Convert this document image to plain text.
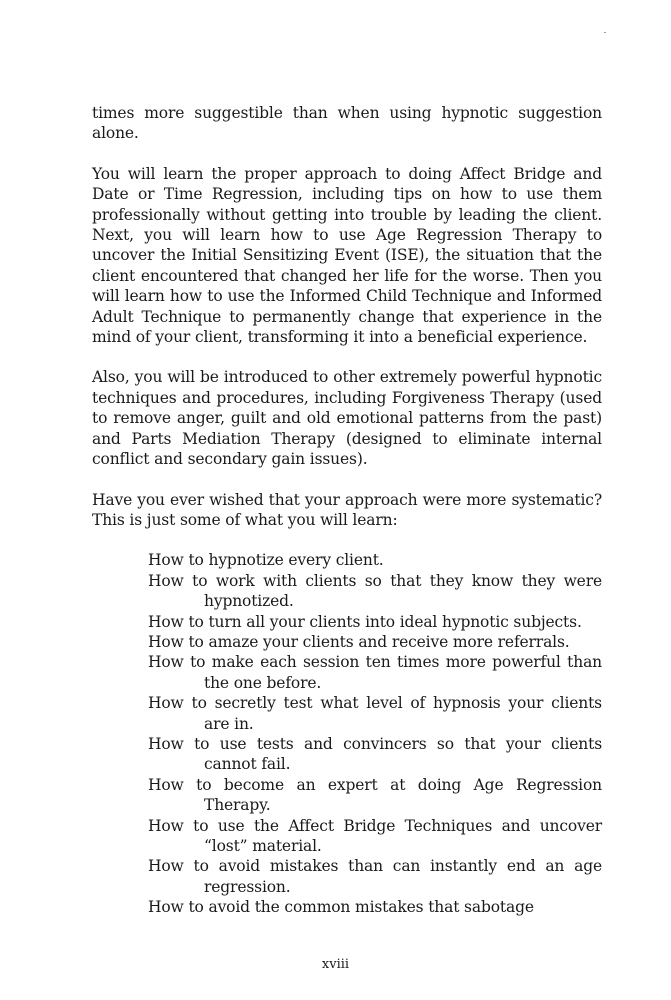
times more suggestible than when using hypnotic suggestion alone.

You will learn the proper approach to doing Affect Bridge and Date or Time Regression, including tips on how to use them professionally without getting into trouble by leading the client. Next, you will learn how to use Age Regression Therapy to uncover the Initial Sensitizing Event (ISE), the situation that the client encountered that changed her life for the worse. Then you will learn how to use the Informed Child Technique and Informed Adult Technique to permanently change that experience in the mind of your client, transforming it into a beneficial experience.

Also, you will be introduced to other extremely powerful hypnotic techniques and procedures, including Forgiveness Therapy (used to remove anger, guilt and old emotional patterns from the past) and Parts Mediation Therapy (designed to eliminate internal conflict and secondary gain issues).

Have you ever wished that your approach were more systematic? This is just some of what you will learn:

How to hypnotize every client.
How to work with clients so that they know they were hypnotized.
How to turn all your clients into ideal hypnotic subjects.
How to amaze your clients and receive more referrals.
How to make each session ten times more powerful than the one before.
How to secretly test what level of hypnosis your clients are in.
How to use tests and convincers so that your clients cannot fail.
How to become an expert at doing Age Regression Therapy.
How to use the Affect Bridge Techniques and uncover “lost” material.
How to avoid mistakes than can instantly end an age regression.
How to avoid the common mistakes that sabotage
xviii
